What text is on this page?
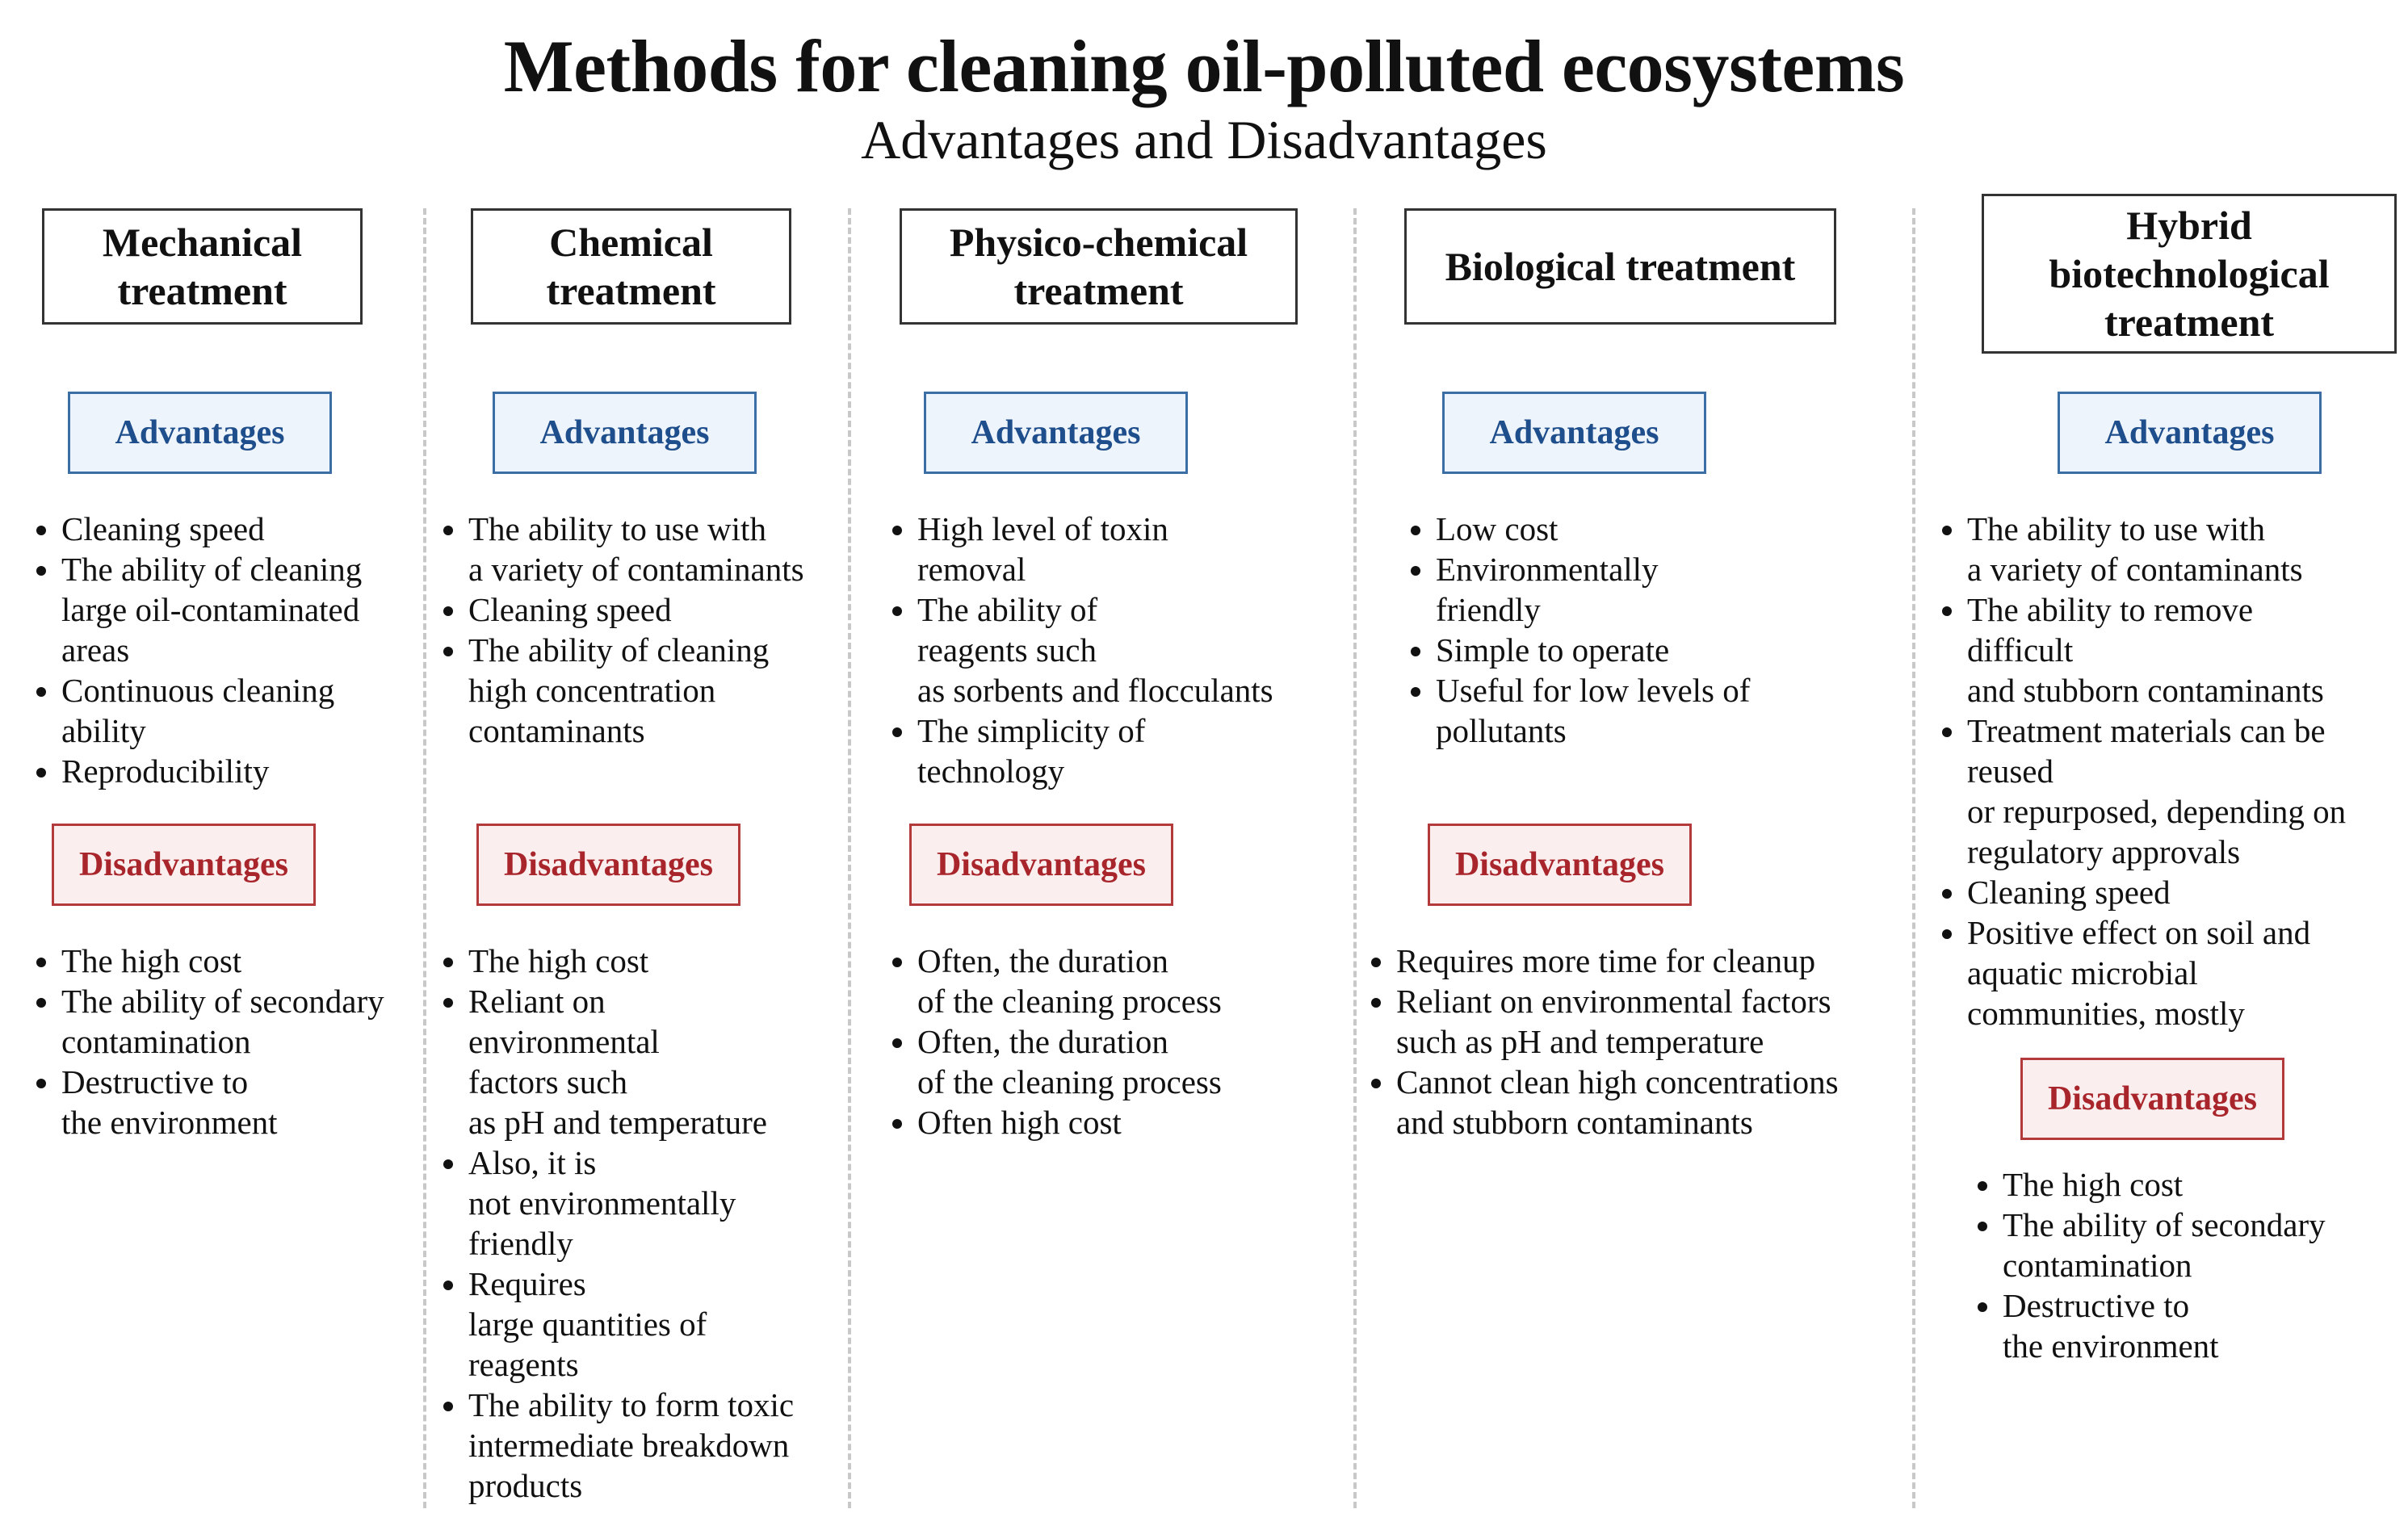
Methods for cleaning oil-polluted ecosystems
Advantages and Disadvantages
Mechanical
treatment
Advantages
• Cleaning speed
• The ability of cleaning
large oil-contaminated
areas
• Continuous cleaning
ability
• Reproducibility
Disadvantages
• The high cost
• The ability of secondary
contamination
• Destructive to
the environment
Chemical
treatment
Advantages
• The ability to use with
a variety of contaminants
• Cleaning speed
• The ability of cleaning
high concentration
contaminants
Disadvantages
• The high cost
• Reliant on
environmental
factors such
as pH and temperature
• Also, it is
not environmentally
friendly
• Requires
large quantities of
reagents
• The ability to form toxic
intermediate breakdown
products
Physico-chemical
treatment
Advantages
• High level of toxin
removal
• The ability of
reagents such
as sorbents and flocculants
• The simplicity of
technology
Disadvantages
• Often, the duration
of the cleaning process
• Often, the duration
of the cleaning process
• Often high cost
Biological treatment
Advantages
• Low cost
• Environmentally
friendly
• Simple to operate
• Useful for low levels of
pollutants
Disadvantages
• Requires more time for cleanup
• Reliant on environmental factors
such as pH and temperature
• Cannot clean high concentrations
and stubborn contaminants
Hybrid
biotechnological
treatment
Advantages
• The ability to use with
a variety of contaminants
• The ability to remove
difficult
and stubborn contaminants
• Treatment materials can be
reused
or repurposed, depending on
regulatory approvals
• Cleaning speed
• Positive effect on soil and
aquatic microbial
communities, mostly
Disadvantages
• The high cost
• The ability of secondary
contamination
• Destructive to
the environment
